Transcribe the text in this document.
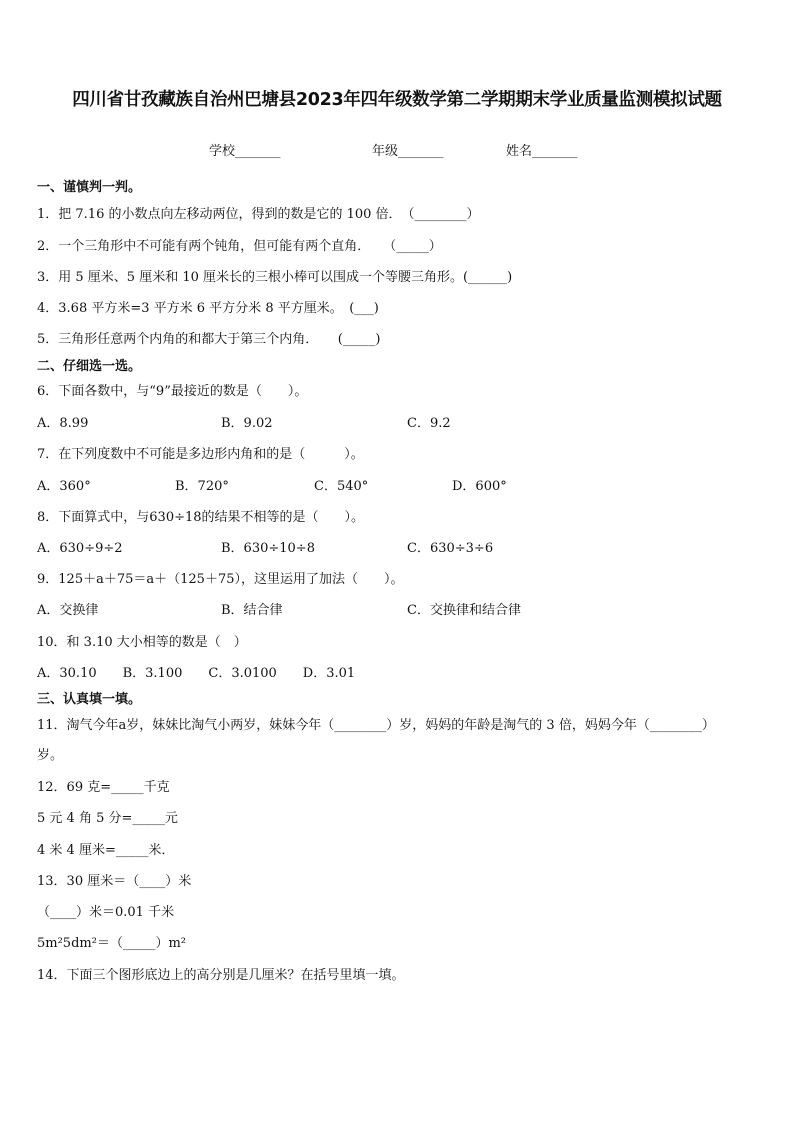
四川省甘孜藏族自治州巴塘县2023年四年级数学第二学期期末学业质量监测模拟试题
学校_______	年级_______	姓名_______
一、谨慎判一判。
1．把 7.16 的小数点向左移动两位，得到的数是它的 100 倍．　（________）
2．一个三角形中不可能有两个钝角，但可能有两个直角．　　（_____）
3．用 5 厘米、5 厘米和 10 厘米长的三根小棒可以围成一个等腰三角形。(______)
4．3.68 平方米=3 平方米 6 平方分米 8 平方厘米。　(___)
5．三角形任意两个内角的和都大于第三个内角．　　(_____)
二、仔细选一选。
6．下面各数中，与“9”最接近的数是（　　）。
A．8.99	B．9.02	C．9.2
7．在下列度数中不可能是多边形内角和的是（　　　）。
A．360°	B．720°	C．540°	D．600°
8．下面算式中，与630÷18的结果不相等的是（　　）。
A．630÷9÷2	B．630÷10÷8	C．630÷3÷6
9．125＋a＋75＝a＋（125＋75），这里运用了加法（　　）。
A．交换律	B．结合律	C．交换律和结合律
10．和 3.10 大小相等的数是（　）
A．30.10　　B．3.100　　C．3.0100　　D．3.01
三、认真填一填。
11．淘气今年a岁，妹妹比淘气小两岁，妹妹今年（________）岁，妈妈的年龄是淘气的 3 倍，妈妈今年（________）
岁。
12．69 克=_____千克
5 元 4 角 5 分=_____元
4 米 4 厘米=_____米．
13．30 厘米＝（____）米
（____）米＝0.01 千米
5m²5dm²＝（_____）m²
14．下面三个图形底边上的高分别是几厘米？在括号里填一填。
